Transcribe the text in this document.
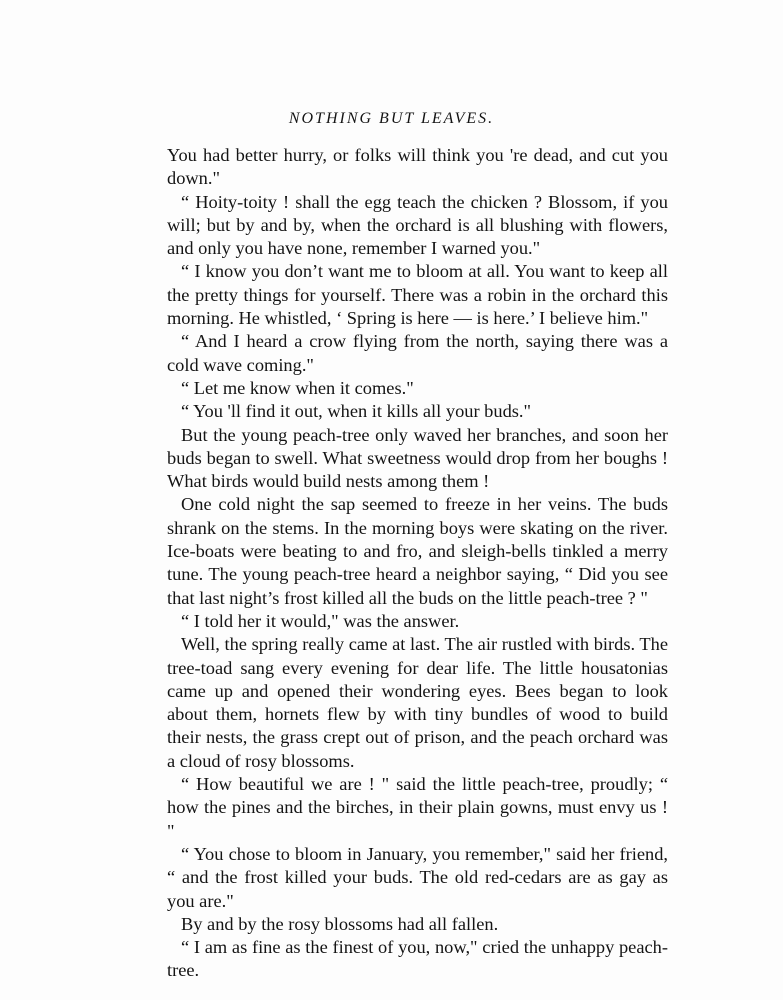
NOTHING BUT LEAVES.

You had better hurry, or folks will think you 're dead, and cut you down."

“ Hoity-toity ! shall the egg teach the chicken ? Blossom, if you will; but by and by, when the orchard is all blushing with flowers, and only you have none, remember I warned you."

“ I know you don’t want me to bloom at all. You want to keep all the pretty things for yourself. There was a robin in the orchard this morning. He whistled, ‘ Spring is here — is here.’ I believe him."

“ And I heard a crow flying from the north, saying there was a cold wave coming."

“ Let me know when it comes."

“ You 'll find it out, when it kills all your buds."

But the young peach-tree only waved her branches, and soon her buds began to swell. What sweetness would drop from her boughs ! What birds would build nests among them !

One cold night the sap seemed to freeze in her veins. The buds shrank on the stems. In the morning boys were skating on the river. Ice-boats were beating to and fro, and sleigh-bells tinkled a merry tune. The young peach-tree heard a neighbor saying, “ Did you see that last night’s frost killed all the buds on the little peach-tree ? "

“ I told her it would," was the answer.

Well, the spring really came at last. The air rustled with birds. The tree-toad sang every evening for dear life. The little housatonias came up and opened their wondering eyes. Bees began to look about them, hornets flew by with tiny bundles of wood to build their nests, the grass crept out of prison, and the peach orchard was a cloud of rosy blossoms.

“ How beautiful we are ! " said the little peach-tree, proudly; “ how the pines and the birches, in their plain gowns, must envy us ! "

“ You chose to bloom in January, you remember," said her friend, “ and the frost killed your buds. The old red-cedars are as gay as you are."

By and by the rosy blossoms had all fallen.

“ I am as fine as the finest of you, now," cried the unhappy peach-tree.
